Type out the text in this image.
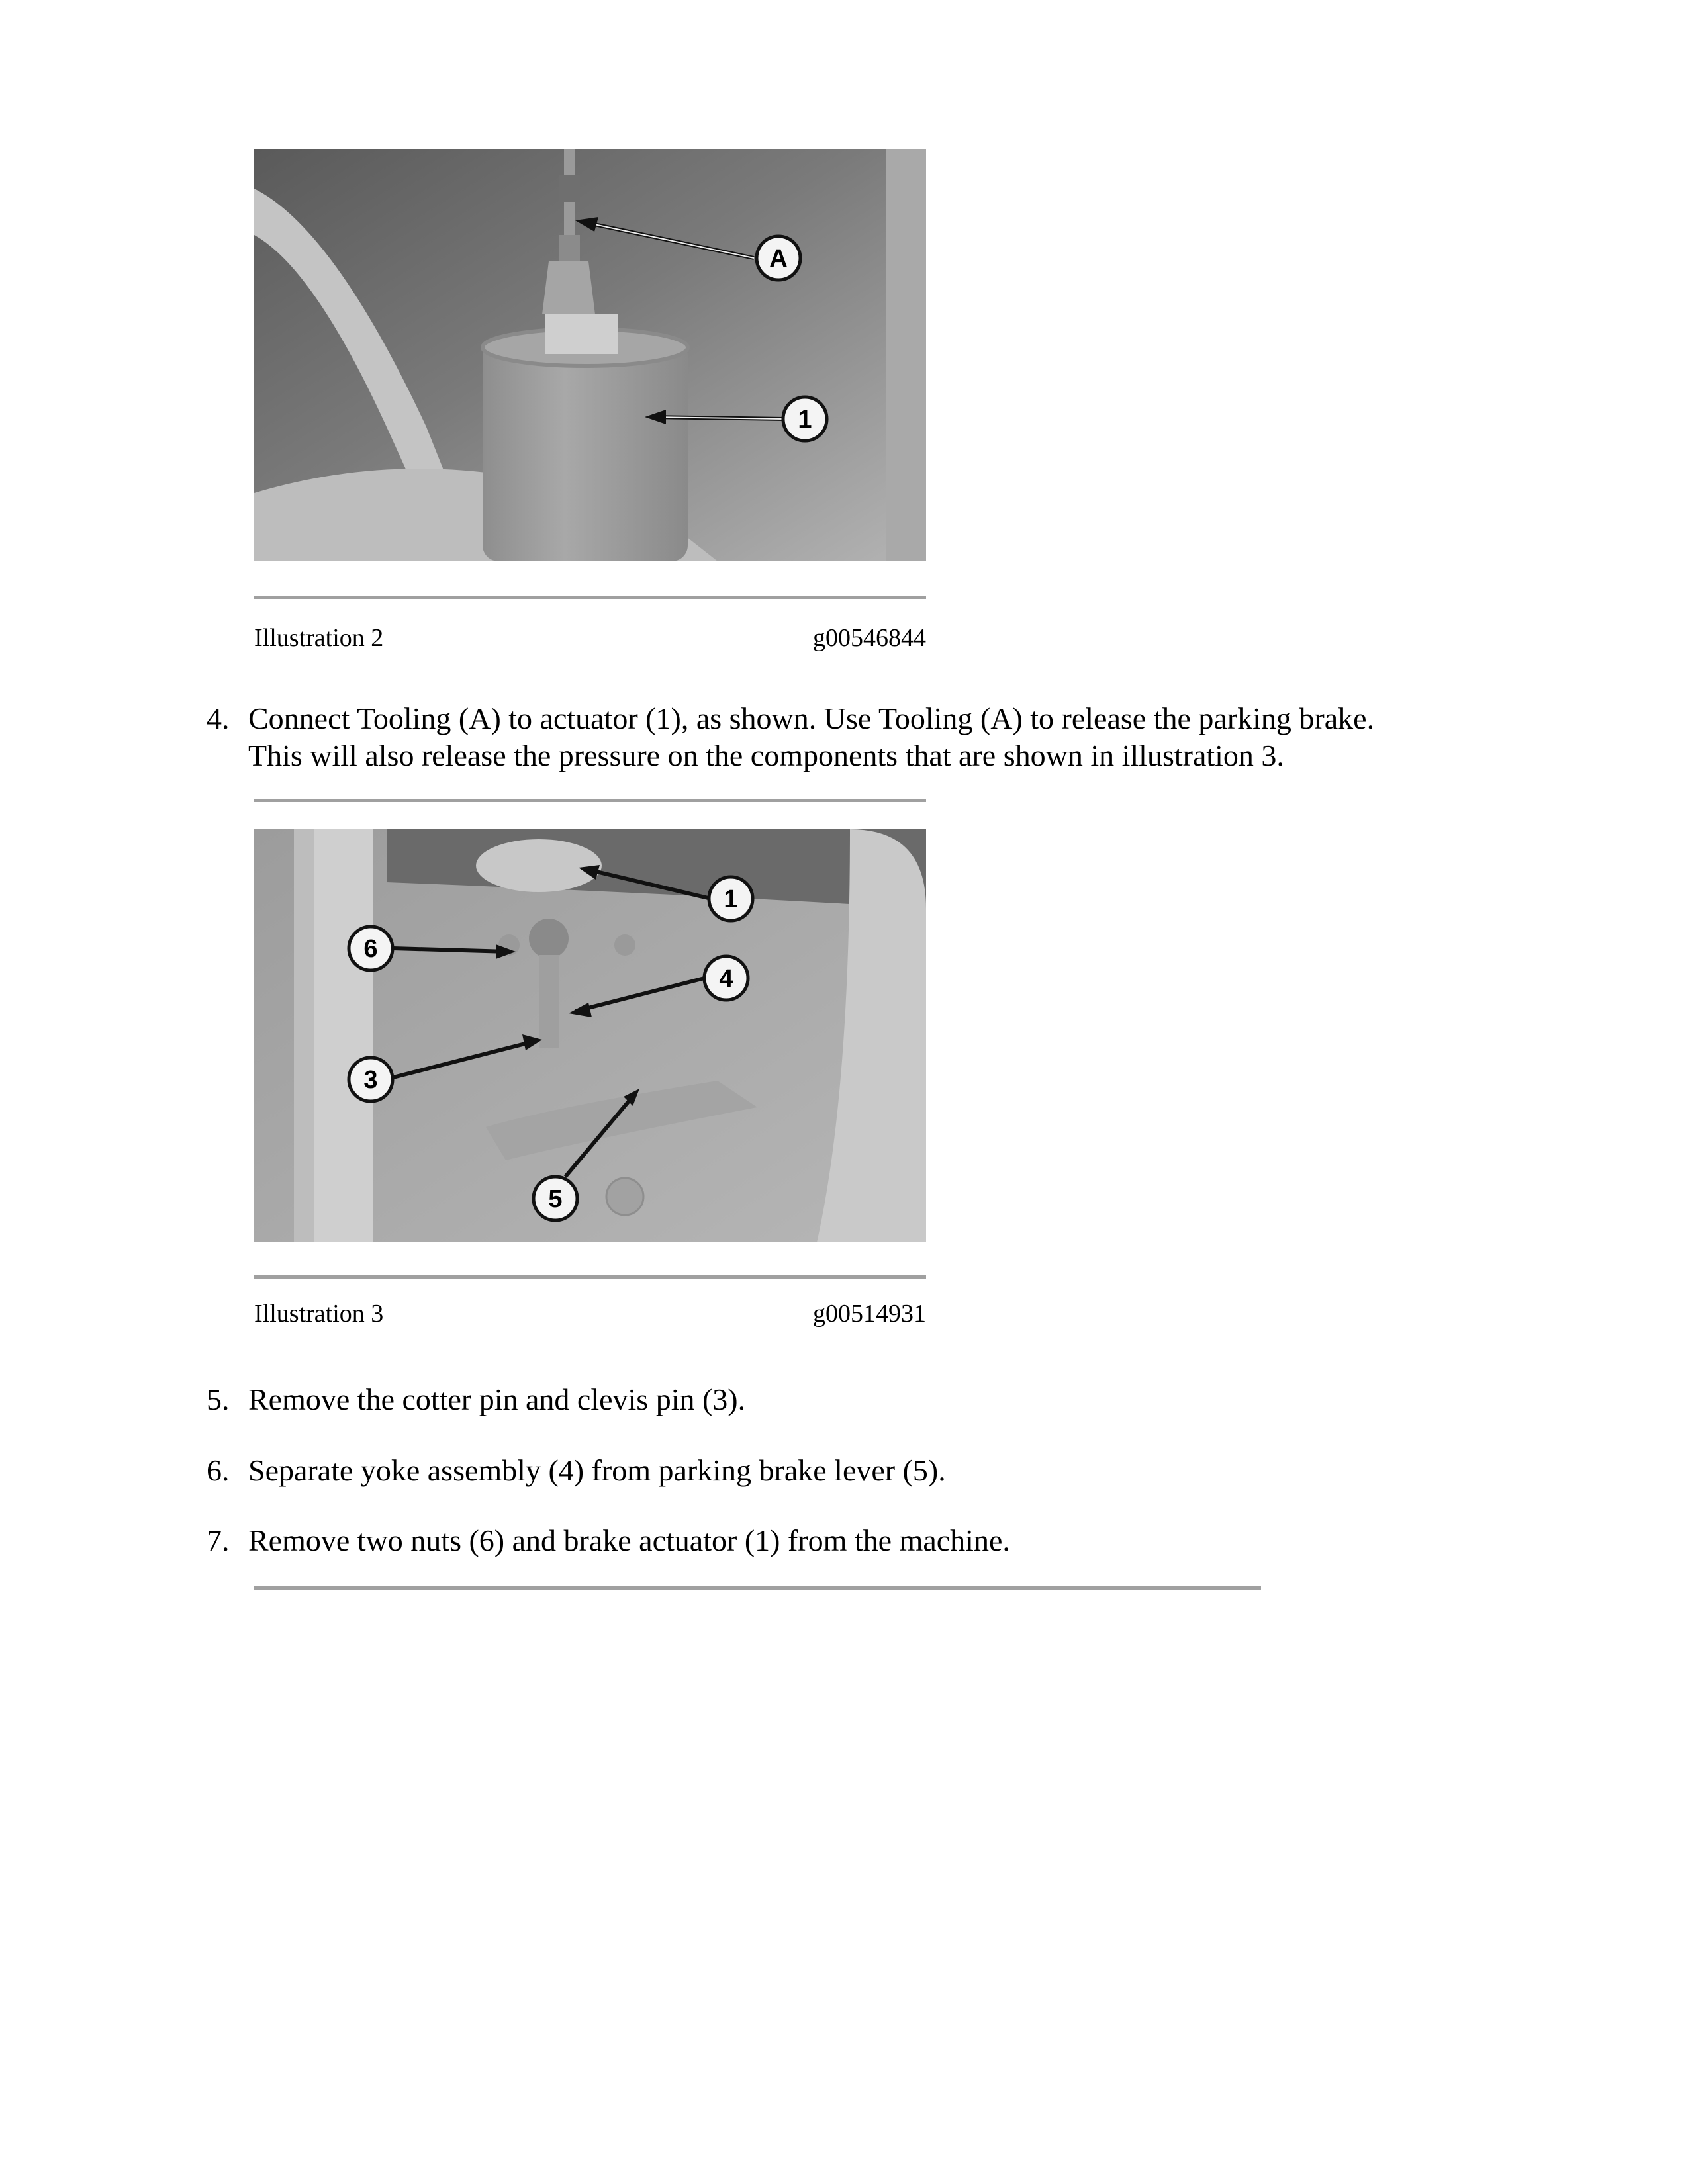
A
1
Illustration 2	g00546844
4. Connect Tooling (A) to actuator (1), as shown. Use Tooling (A) to release the parking brake.
This will also release the pressure on the components that are shown in illustration 3.
1
6
4
3
5
Illustration 3	g00514931
5. Remove the cotter pin and clevis pin (3).
6. Separate yoke assembly (4) from parking brake lever (5).
7. Remove two nuts (6) and brake actuator (1) from the machine.
